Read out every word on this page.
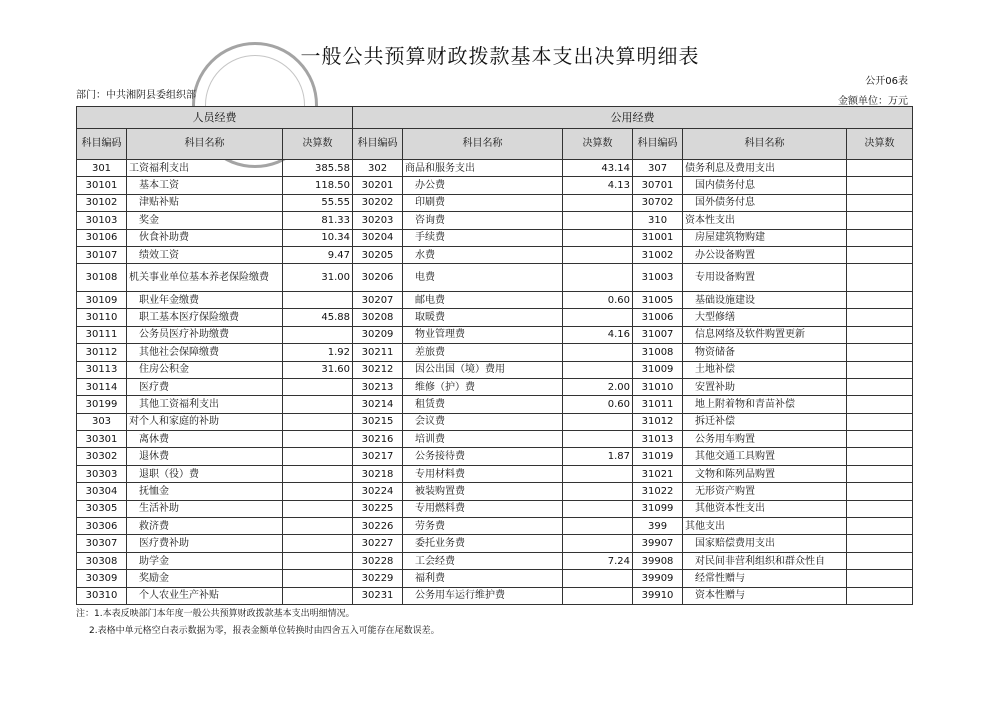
一般公共预算财政拨款基本支出决算明细表
公开06表
部门：中共湘阴县委组织部
金额单位：万元
人员经费			公用经费					
科目编码	科目名称	决算数	科目编码	科目名称	决算数	科目编码	科目名称	决算数
301	工资福利支出	385.58	302	商品和服务支出	43.14	307	债务利息及费用支出	
30101	基本工资	118.50	30201	办公费	4.13	30701	国内债务付息	
30102	津贴补贴	55.55	30202	印刷费		30702	国外债务付息	
30103	奖金	81.33	30203	咨询费		310	资本性支出	
30106	伙食补助费	10.34	30204	手续费		31001	房屋建筑物购建	
30107	绩效工资	9.47	30205	水费		31002	办公设备购置	
30108	机关事业单位基本养老保险缴费	31.00	30206	电费		31003	专用设备购置	
30109	职业年金缴费		30207	邮电费	0.60	31005	基础设施建设	
30110	职工基本医疗保险缴费	45.88	30208	取暖费		31006	大型修缮	
30111	公务员医疗补助缴费		30209	物业管理费	4.16	31007	信息网络及软件购置更新	
30112	其他社会保障缴费	1.92	30211	差旅费		31008	物资储备	
30113	住房公积金	31.60	30212	因公出国（境）费用		31009	土地补偿	
30114	医疗费		30213	维修（护）费	2.00	31010	安置补助	
30199	其他工资福利支出		30214	租赁费	0.60	31011	地上附着物和青苗补偿	
303	对个人和家庭的补助		30215	会议费		31012	拆迁补偿	
30301	离休费		30216	培训费		31013	公务用车购置	
30302	退休费		30217	公务接待费	1.87	31019	其他交通工具购置	
30303	退职（役）费		30218	专用材料费		31021	文物和陈列品购置	
30304	抚恤金		30224	被装购置费		31022	无形资产购置	
30305	生活补助		30225	专用燃料费		31099	其他资本性支出	
30306	救济费		30226	劳务费		399	其他支出	
30307	医疗费补助		30227	委托业务费		39907	国家赔偿费用支出	
30308	助学金		30228	工会经费	7.24	39908	对民间非营利组织和群众性自	
30309	奖励金		30229	福利费		39909	经常性赠与	
30310	个人农业生产补贴		30231	公务用车运行维护费		39910	资本性赠与	
注：1.本表反映部门本年度一般公共预算财政拨款基本支出明细情况。
2.表格中单元格空白表示数据为零，报表金额单位转换时由四舍五入可能存在尾数误差。
